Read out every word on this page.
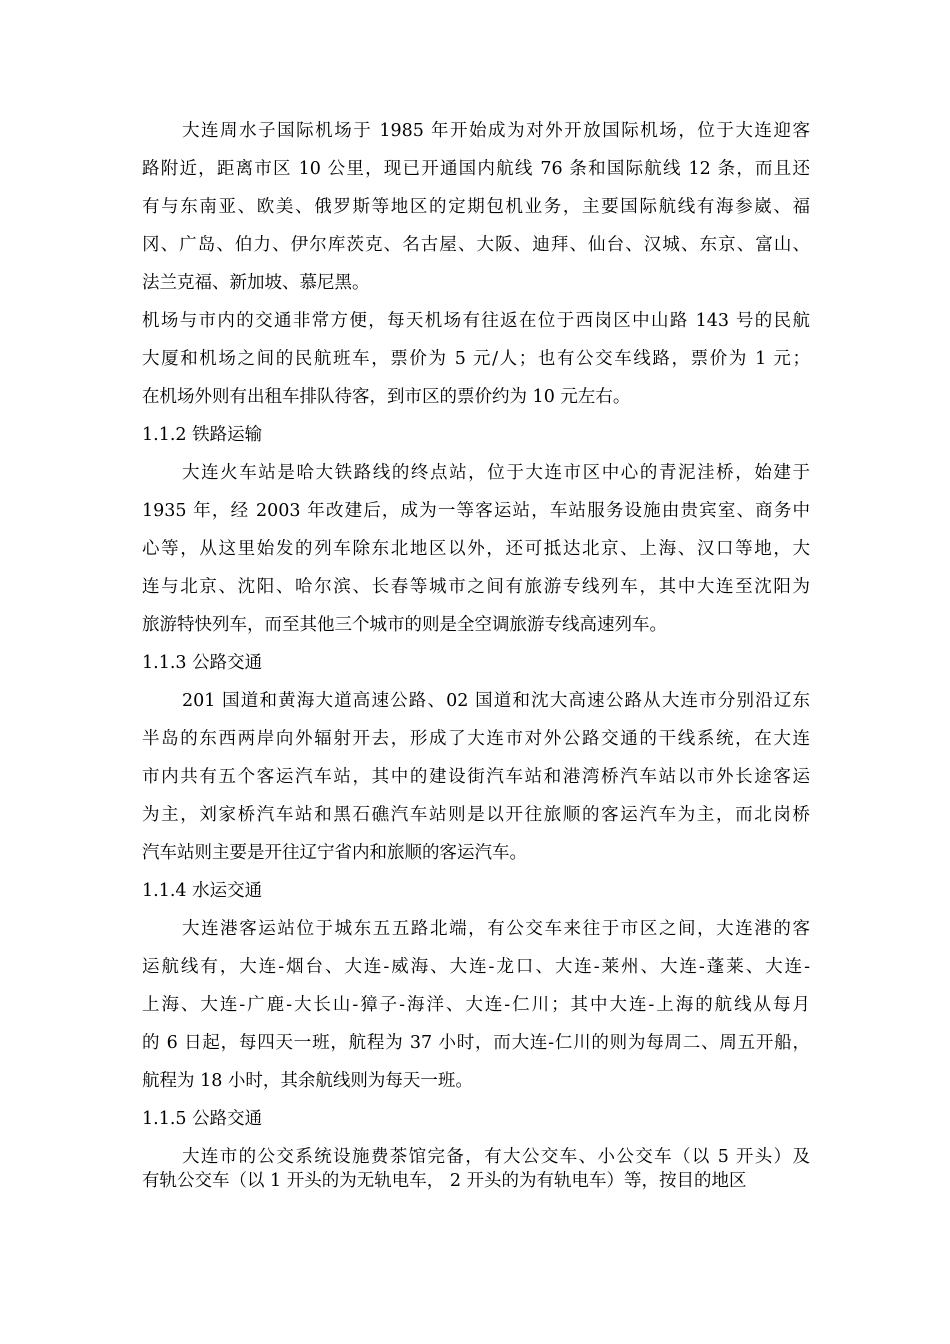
大连周水子国际机场于 1985 年开始成为对外开放国际机场，位于大连迎客
路附近，距离市区 10 公里，现已开通国内航线 76 条和国际航线 12 条，而且还
有与东南亚、欧美、俄罗斯等地区的定期包机业务，主要国际航线有海参崴、福
冈、广岛、伯力、伊尔库茨克、名古屋、大阪、迪拜、仙台、汉城、东京、富山、
法兰克福、新加坡、慕尼黑。
机场与市内的交通非常方便，每天机场有往返在位于西岗区中山路 143 号的民航
大厦和机场之间的民航班车，票价为 5 元/人；也有公交车线路，票价为 1 元；
在机场外则有出租车排队待客，到市区的票价约为 10 元左右。
1.1.2 铁路运输
大连火车站是哈大铁路线的终点站，位于大连市区中心的青泥洼桥，始建于
1935 年，经 2003 年改建后，成为一等客运站，车站服务设施由贵宾室、商务中
心等，从这里始发的列车除东北地区以外，还可抵达北京、上海、汉口等地，大
连与北京、沈阳、哈尔滨、长春等城市之间有旅游专线列车，其中大连至沈阳为
旅游特快列车，而至其他三个城市的则是全空调旅游专线高速列车。
1.1.3 公路交通
201 国道和黄海大道高速公路、02 国道和沈大高速公路从大连市分别沿辽东
半岛的东西两岸向外辐射开去，形成了大连市对外公路交通的干线系统，在大连
市内共有五个客运汽车站，其中的建设街汽车站和港湾桥汽车站以市外长途客运
为主，刘家桥汽车站和黑石礁汽车站则是以开往旅顺的客运汽车为主，而北岗桥
汽车站则主要是开往辽宁省内和旅顺的客运汽车。
1.1.4 水运交通
大连港客运站位于城东五五路北端，有公交车来往于市区之间，大连港的客
运航线有，大连-烟台、大连-威海、大连-龙口、大连-莱州、大连-蓬莱、大连-
上海、大连-广鹿-大长山-獐子-海洋、大连-仁川；其中大连-上海的航线从每月
的 6 日起，每四天一班，航程为 37 小时，而大连-仁川的则为每周二、周五开船，
航程为 18 小时，其余航线则为每天一班。
1.1.5 公路交通
大连市的公交系统设施费茶馆完备，有大公交车、小公交车（以 5 开头）及
有轨公交车（以 1 开头的为无轨电车， 2 开头的为有轨电车）等，按目的地区
